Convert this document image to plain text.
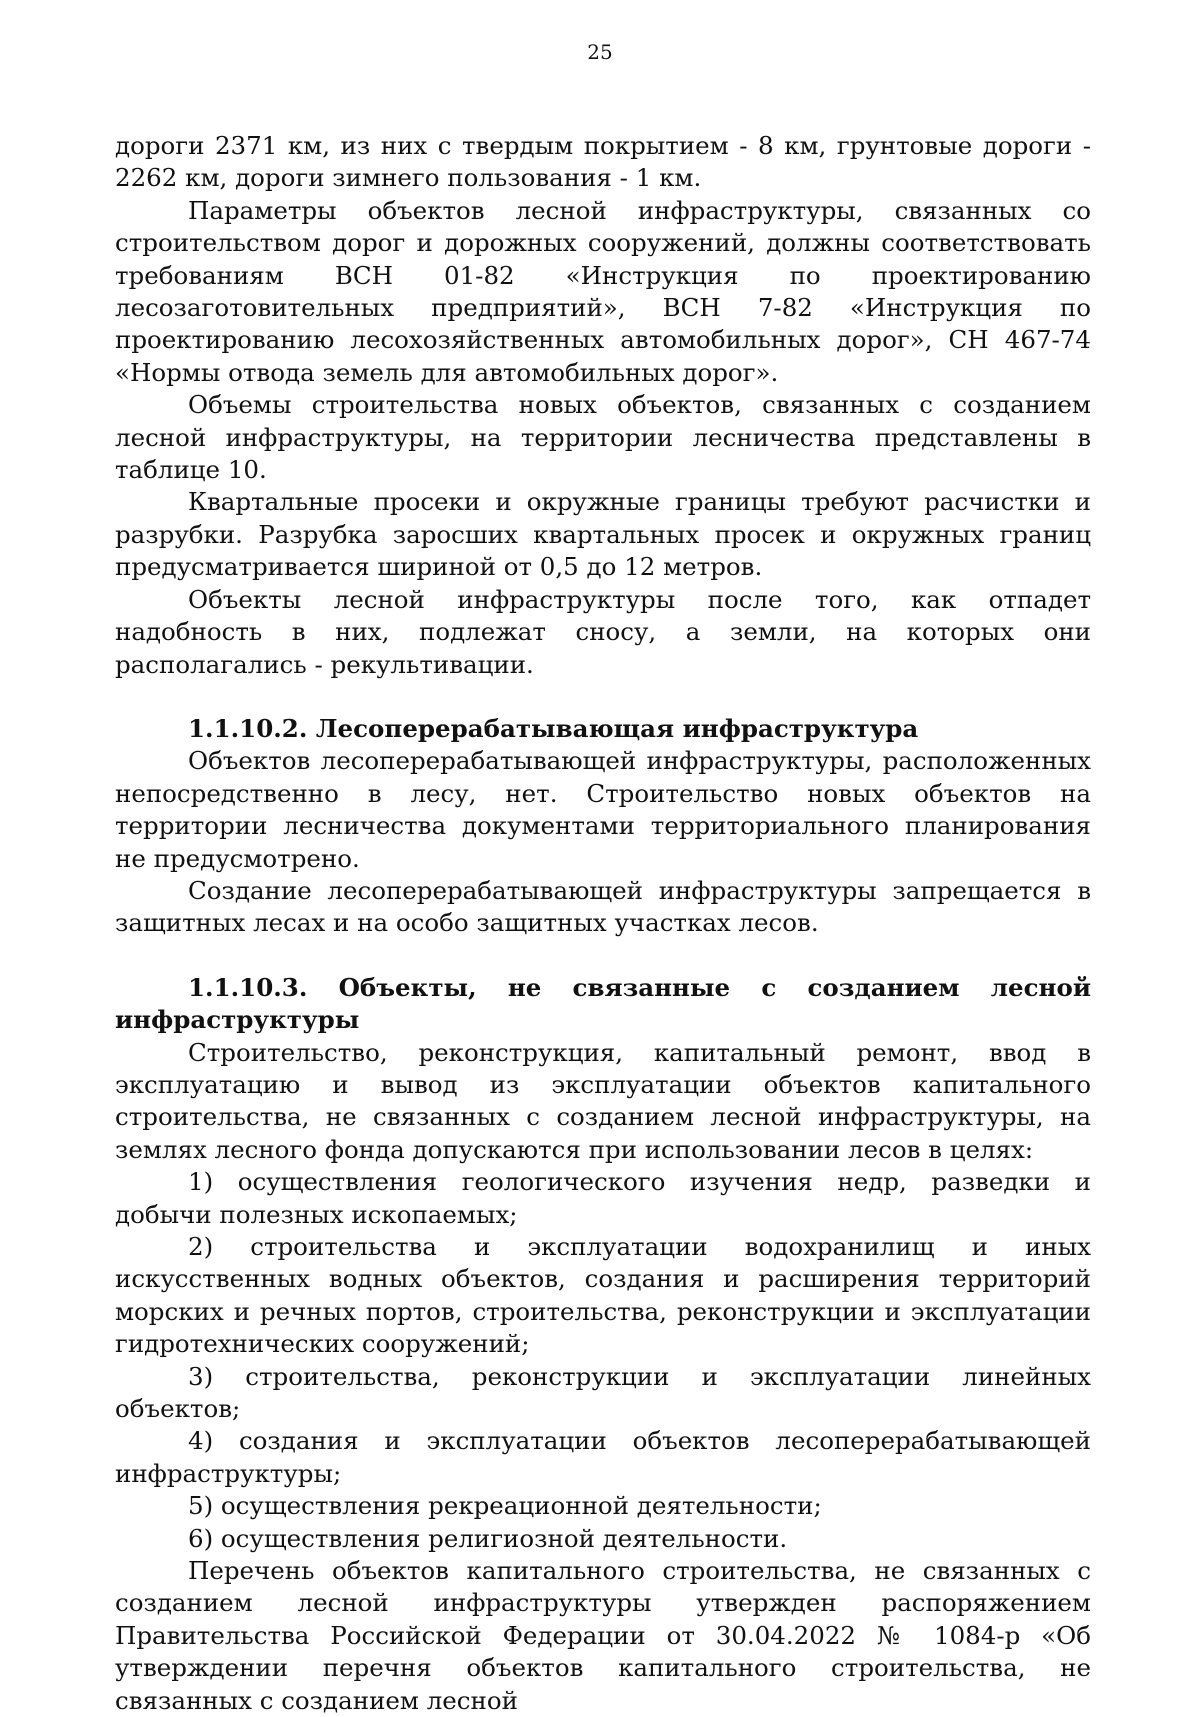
25

дороги 2371 км, из них с твердым покрытием - 8 км, грунтовые дороги - 2262 км, дороги зимнего пользования - 1 км.

Параметры объектов лесной инфраструктуры, связанных со строительством дорог и дорожных сооружений, должны соответствовать требованиям ВСН 01-82 «Инструкция по проектированию лесозаготовительных предприятий», ВСН 7-82 «Инструкция по проектированию лесохозяйственных автомобильных дорог», СН 467-74 «Нормы отвода земель для автомобильных дорог».

Объемы строительства новых объектов, связанных с созданием лесной инфраструктуры, на территории лесничества представлены в таблице 10.

Квартальные просеки и окружные границы требуют расчистки и разрубки. Разрубка заросших квартальных просек и окружных границ предусматривается шириной от 0,5 до 12 метров.

Объекты лесной инфраструктуры после того, как отпадет надобность в них, подлежат сносу, а земли, на которых они располагались - рекультивации.

1.1.10.2. Лесоперерабатывающая инфраструктура

Объектов лесоперерабатывающей инфраструктуры, расположенных непосредственно в лесу, нет. Строительство новых объектов на территории лесничества документами территориального планирования не предусмотрено.

Создание лесоперерабатывающей инфраструктуры запрещается в защитных лесах и на особо защитных участках лесов.

1.1.10.3. Объекты, не связанные с созданием лесной инфраструктуры

Строительство, реконструкция, капитальный ремонт, ввод в эксплуатацию и вывод из эксплуатации объектов капитального строительства, не связанных с созданием лесной инфраструктуры, на землях лесного фонда допускаются при использовании лесов в целях:

1) осуществления геологического изучения недр, разведки и добычи полезных ископаемых;

2) строительства и эксплуатации водохранилищ и иных искусственных водных объектов, создания и расширения территорий морских и речных портов, строительства, реконструкции и эксплуатации гидротехнических сооружений;

3) строительства, реконструкции и эксплуатации линейных объектов;

4) создания и эксплуатации объектов лесоперерабатывающей инфраструктуры;

5) осуществления рекреационной деятельности;

6) осуществления религиозной деятельности.

Перечень объектов капитального строительства, не связанных с созданием лесной инфраструктуры утвержден распоряжением Правительства Российской Федерации от 30.04.2022 № 1084-р «Об утверждении перечня объектов капитального строительства, не связанных с созданием лесной
